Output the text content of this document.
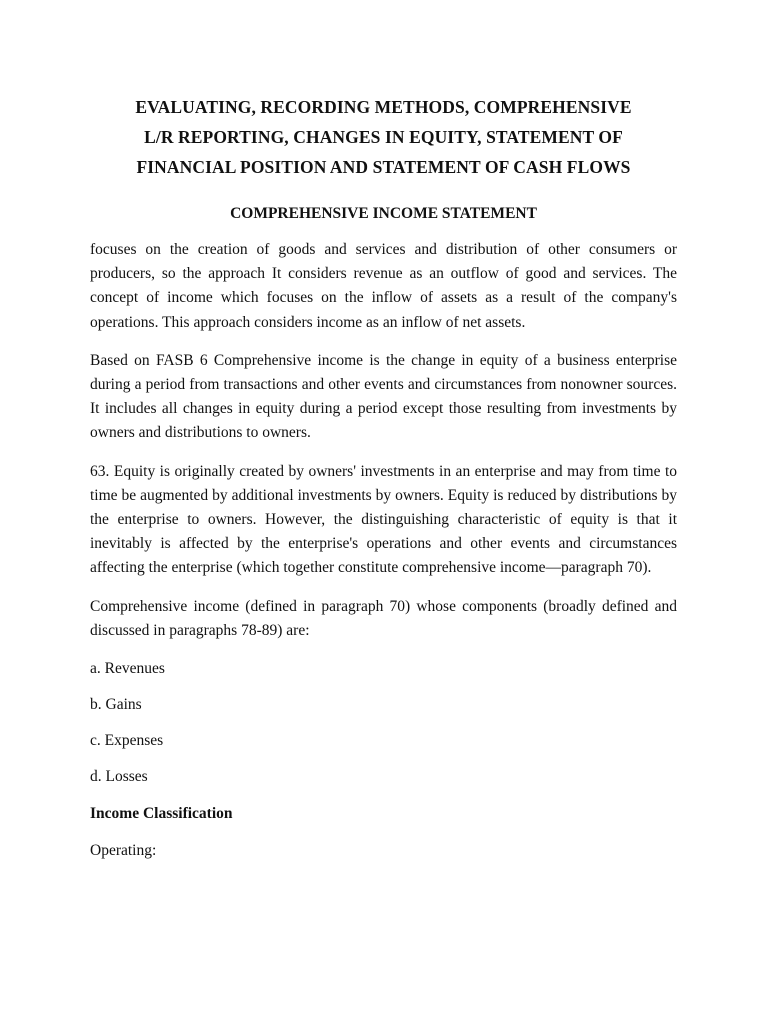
EVALUATING, RECORDING METHODS, COMPREHENSIVE
L/R REPORTING, CHANGES IN EQUITY, STATEMENT OF
FINANCIAL POSITION AND STATEMENT OF CASH FLOWS
COMPREHENSIVE INCOME STATEMENT

focuses on the creation of goods and services and distribution of other consumers or producers, so the approach It considers revenue as an outflow of good and services. The concept of income which focuses on the inflow of assets as a result of the company's operations. This approach considers income as an inflow of net assets.

Based on FASB 6 Comprehensive income is the change in equity of a business enterprise during a period from transactions and other events and circumstances from nonowner sources. It includes all changes in equity during a period except those resulting from investments by owners and distributions to owners.

63. Equity is originally created by owners' investments in an enterprise and may from time to time be augmented by additional investments by owners. Equity is reduced by distributions by the enterprise to owners. However, the distinguishing characteristic of equity is that it inevitably is affected by the enterprise's operations and other events and circumstances affecting the enterprise (which together constitute comprehensive income—paragraph 70).

Comprehensive income (defined in paragraph 70) whose components (broadly defined and discussed in paragraphs 78-89) are:

a. Revenues

b. Gains

c. Expenses

d. Losses

Income Classification

Operating:
